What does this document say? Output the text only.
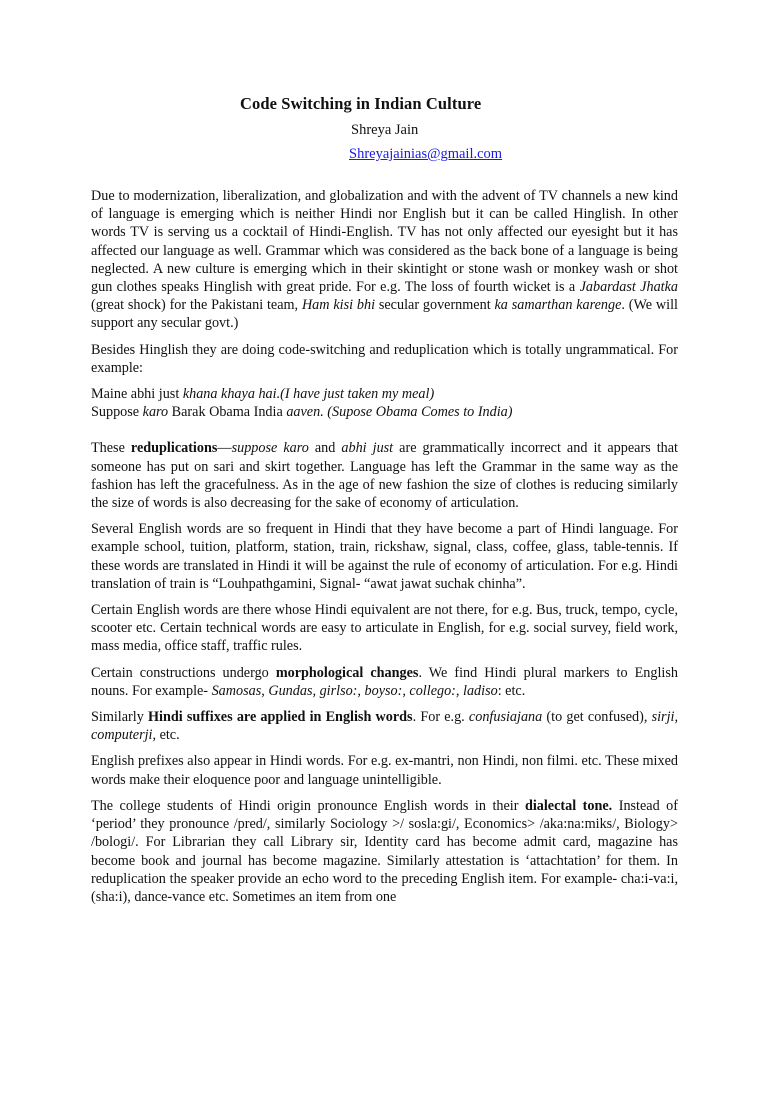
Code Switching in Indian Culture
Shreya Jain
Shreyajainias@gmail.com

Due to modernization, liberalization, and globalization and with the advent of TV channels a new kind of language is emerging which is neither Hindi nor English but it can be called Hinglish. In other words TV is serving us a cocktail of Hindi-English. TV has not only affected our eyesight but it has affected our language as well. Grammar which was considered as the back bone of a language is being neglected. A new culture is emerging which in their skintight or stone wash or monkey wash or shot gun clothes speaks Hinglish with great pride. For e.g. The loss of fourth wicket is a Jabardast Jhatka (great shock) for the Pakistani team, Ham kisi bhi secular government ka samarthan karenge. (We will support any secular govt.)

Besides Hinglish they are doing code-switching and reduplication which is totally ungrammatical. For example:

Maine abhi just khana khaya hai.(I have just taken my meal)
Suppose karo Barak Obama India aaven. (Supose Obama Comes to India)

These reduplications—suppose karo and abhi just are grammatically incorrect and it appears that someone has put on sari and skirt together. Language has left the Grammar in the same way as the fashion has left the gracefulness. As in the age of new fashion the size of clothes is reducing similarly the size of words is also decreasing for the sake of economy of articulation.

Several English words are so frequent in Hindi that they have become a part of Hindi language. For example school, tuition, platform, station, train, rickshaw, signal, class, coffee, glass, table-tennis. If these words are translated in Hindi it will be against the rule of economy of articulation. For e.g. Hindi translation of train is “Louhpathgamini, Signal- “awat jawat suchak chinha”.

Certain English words are there whose Hindi equivalent are not there, for e.g. Bus, truck, tempo, cycle, scooter etc. Certain technical words are easy to articulate in English, for e.g. social survey, field work, mass media, office staff, traffic rules.

Certain constructions undergo morphological changes. We find Hindi plural markers to English nouns. For example- Samosas, Gundas, girlso:, boyso:, collego:, ladiso: etc.

Similarly Hindi suffixes are applied in English words. For e.g. confusiajana (to get confused), sirji, computerji, etc.

English prefixes also appear in Hindi words. For e.g. ex-mantri, non Hindi, non filmi. etc. These mixed words make their eloquence poor and language unintelligible.

The college students of Hindi origin pronounce English words in their dialectal tone. Instead of ‘period’ they pronounce /pred/, similarly Sociology >/ sosla:gi/, Economics> /aka:na:miks/, Biology> /bologi/. For Librarian they call Library sir, Identity card has become admit card, magazine has become book and journal has become magazine. Similarly attestation is ‘attachtation’ for them. In reduplication the speaker provide an echo word to the preceding English item. For example- cha:i-va:i,(sha:i), dance-vance etc. Sometimes an item from one
